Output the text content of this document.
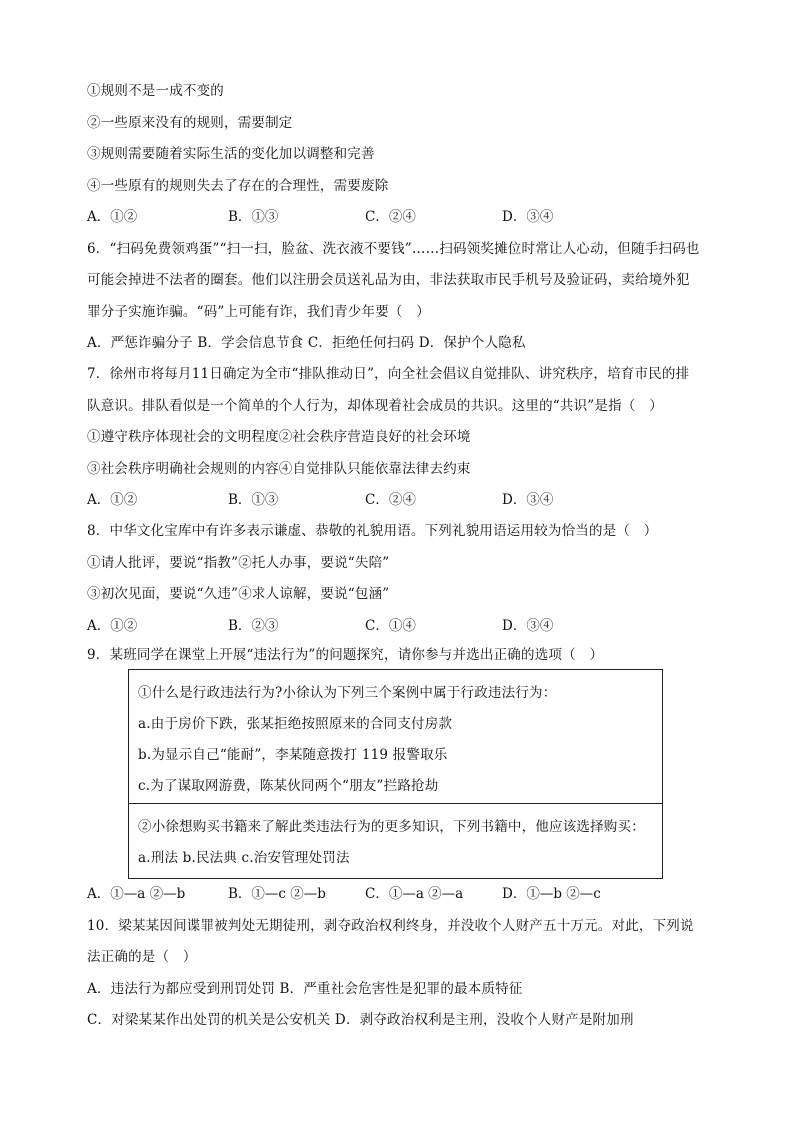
①规则不是一成不变的
②一些原来没有的规则，需要制定
③规则需要随着实际生活的变化加以调整和完善
④一些原有的规则失去了存在的合理性，需要废除
A．①②	B．①③	C．②④	D．③④
6．“扫码免费领鸡蛋”“扫一扫，脸盆、洗衣液不要钱”……扫码领奖摊位时常让人心动，但随手扫码也
可能会掉进不法者的圈套。他们以注册会员送礼品为由，非法获取市民手机号及验证码，卖给境外犯
罪分子实施诈骗。“码”上可能有诈，我们青少年要（　）
A．严惩诈骗分子 B．学会信息节食 C．拒绝任何扫码 D．保护个人隐私
7．徐州市将每月11日确定为全市“排队推动日”，向全社会倡议自觉排队、讲究秩序，培育市民的排
队意识。排队看似是一个简单的个人行为，却体现着社会成员的共识。这里的“共识”是指（　）
①遵守秩序体现社会的文明程度②社会秩序营造良好的社会环境
③社会秩序明确社会规则的内容④自觉排队只能依靠法律去约束
A．①②	B．①③	C．②④	D．③④
8．中华文化宝库中有许多表示谦虚、恭敬的礼貌用语。下列礼貌用语运用较为恰当的是（　）
①请人批评，要说“指教”②托人办事，要说“失陪”
③初次见面，要说“久违”④求人谅解，要说“包涵”
A．①②	B．②③	C．①④	D．③④
9．某班同学在课堂上开展“违法行为”的问题探究，请你参与并选出正确的选项（　）
①什么是行政违法行为?小徐认为下列三个案例中属于行政违法行为：
a.由于房价下跌，张某拒绝按照原来的合同支付房款
b.为显示自己“能耐”，李某随意拨打 119 报警取乐
c.为了谋取网游费，陈某伙同两个“朋友”拦路抢劫
②小徐想购买书籍来了解此类违法行为的更多知识，下列书籍中，他应该选择购买：
a.刑法 b.民法典 c.治安管理处罚法
A．①—a ②—b	B．①—c ②—b	C．①—a ②—a	D．①—b ②—c
10．梁某某因间谍罪被判处无期徒刑，剥夺政治权利终身，并没收个人财产五十万元。对此，下列说
法正确的是（　）
A．违法行为都应受到刑罚处罚 B．严重社会危害性是犯罪的最本质特征
C．对梁某某作出处罚的机关是公安机关 D．剥夺政治权利是主刑，没收个人财产是附加刑
